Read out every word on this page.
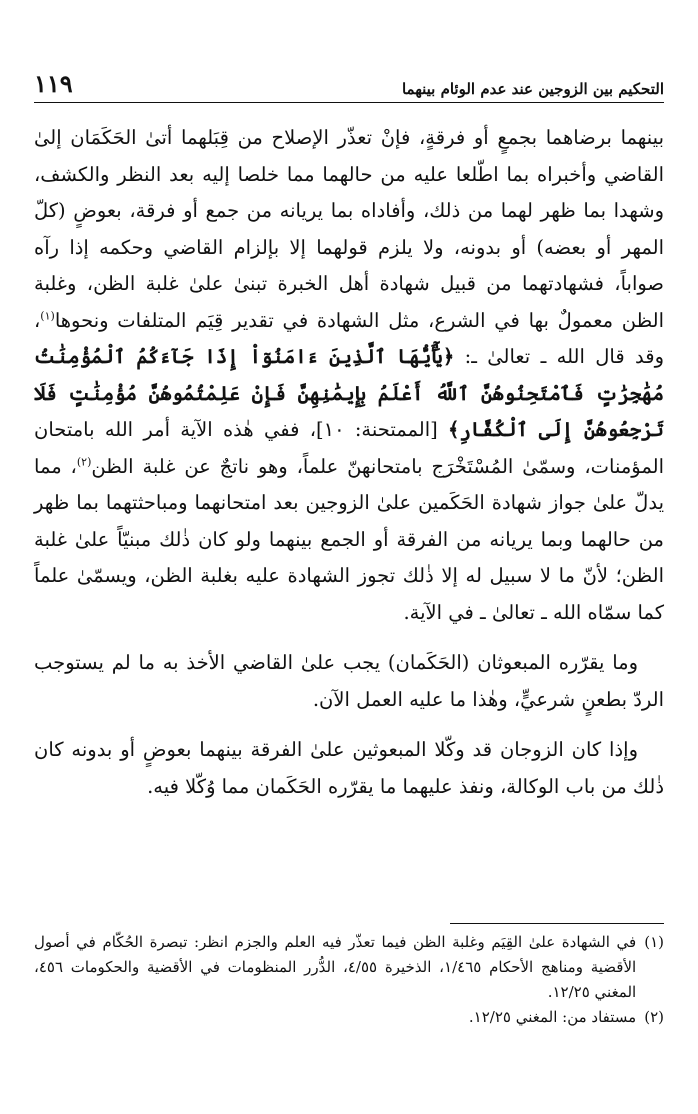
التحكيم بين الزوجين عند عدم الوئام بينهما
١١٩

بينهما برضاهما بجمعٍ أو فرقةٍ، فإنْ تعذّر الإصلاح من قِبَلهما أتىٰ الحَكَمَان إلىٰ القاضي وأخبراه بما اطّلعا عليه من حالهما مما خلصا إليه بعد النظر والكشف، وشهدا بما ظهر لهما من ذلك، وأفاداه بما يريانه من جمع أو فرقة، بعوضٍ (كلّ المهر أو بعضه) أو بدونه، ولا يلزم قولهما إلا بإلزام القاضي وحكمه إذا رآه صواباً، فشهادتهما من قبيل شهادة أهل الخبرة تبنىٰ علىٰ غلبة الظن، وغلبة الظن معمولٌ بها في الشرع، مثل الشهادة في تقدير قِيَم المتلفات ونحوها$^{(١)}$، وقد قال الله ـ تعالىٰ ـ: ﴿يَٰٓأَيُّهَا ٱلَّذِينَ ءَامَنُوٓاْ إِذَا جَآءَكُمُ ٱلْمُؤْمِنَٰتُ مُهَٰجِرَٰتٍ فَٱمْتَحِنُوهُنَّ ٱللَّهُ أَعْلَمُ بِإِيمَٰنِهِنَّ فَإِنْ عَلِمْتُمُوهُنَّ مُؤْمِنَٰتٍ فَلَا تَرْجِعُوهُنَّ إِلَى ٱلْكُفَّارِ﴾ [الممتحنة: ١٠]، ففي هٰذه الآية أمر الله بامتحان المؤمنات، وسمّىٰ المُسْتَخْرَج بامتحانهنّ علماً، وهو ناتجٌ عن غلبة الظن$^{(٢)}$، مما يدلّ علىٰ جواز شهادة الحَكَمين علىٰ الزوجين بعد امتحانهما ومباحثتهما بما ظهر من حالهما وبما يريانه من الفرقة أو الجمع بينهما ولو كان ذٰلك مبنيّاً علىٰ غلبة الظن؛ لأنّ ما لا سبيل له إلا ذٰلك تجوز الشهادة عليه بغلبة الظن، ويسمّىٰ علماً كما سمّاه الله ـ تعالىٰ ـ في الآية.

وما يقرّره المبعوثان (الحَكَمان) يجب علىٰ القاضي الأخذ به ما لم يستوجب الردّ بطعنٍ شرعيٍّ، وهٰذا ما عليه العمل الآن.

وإذا كان الزوجان قد وكّلا المبعوثين علىٰ الفرقة بينهما بعوضٍ أو بدونه كان ذٰلك من باب الوكالة، ونفذ عليهما ما يقرّره الحَكَمان مما وُكّلا فيه.

(١)
في الشهادة علىٰ القِيَم وغلبة الظن فيما تعذّر فيه العلم والجزم انظر: تبصرة الحُكّام في أصول الأقضية ومناهج الأحكام ١/٤٦٥، الذخيرة ٤/٥٥، الدُّرر المنظومات في الأقضية والحكومات ٤٥٦، المغني ١٢/٢٥.
(٢)
مستفاد من: المغني ١٢/٢٥.
